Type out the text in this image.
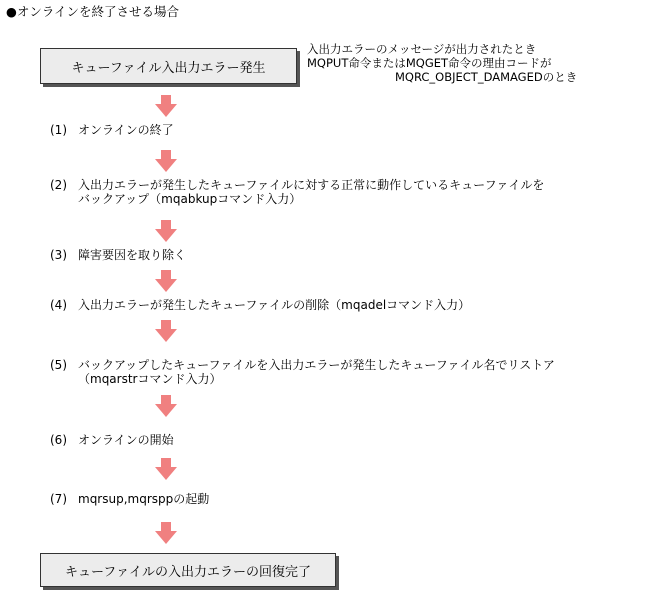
●オンラインを終了させる場合
キューファイル入出力エラー発生
入出力エラーのメッセージが出力されたとき
MQPUT命令またはMQGET命令の理由コードが
MQRC_OBJECT_DAMAGEDのとき
(1) オンラインの終了
(2) 入出力エラーが発生したキューファイルに対する正常に動作しているキューファイルを
バックアップ（mqabkupコマンド入力）
(3) 障害要因を取り除く
(4) 入出力エラーが発生したキューファイルの削除（mqadelコマンド入力）
(5) バックアップしたキューファイルを入出力エラーが発生したキューファイル名でリストア
（mqarstrコマンド入力）
(6) オンラインの開始
(7) mqrsup,mqrsppの起動
キューファイルの入出力エラーの回復完了
